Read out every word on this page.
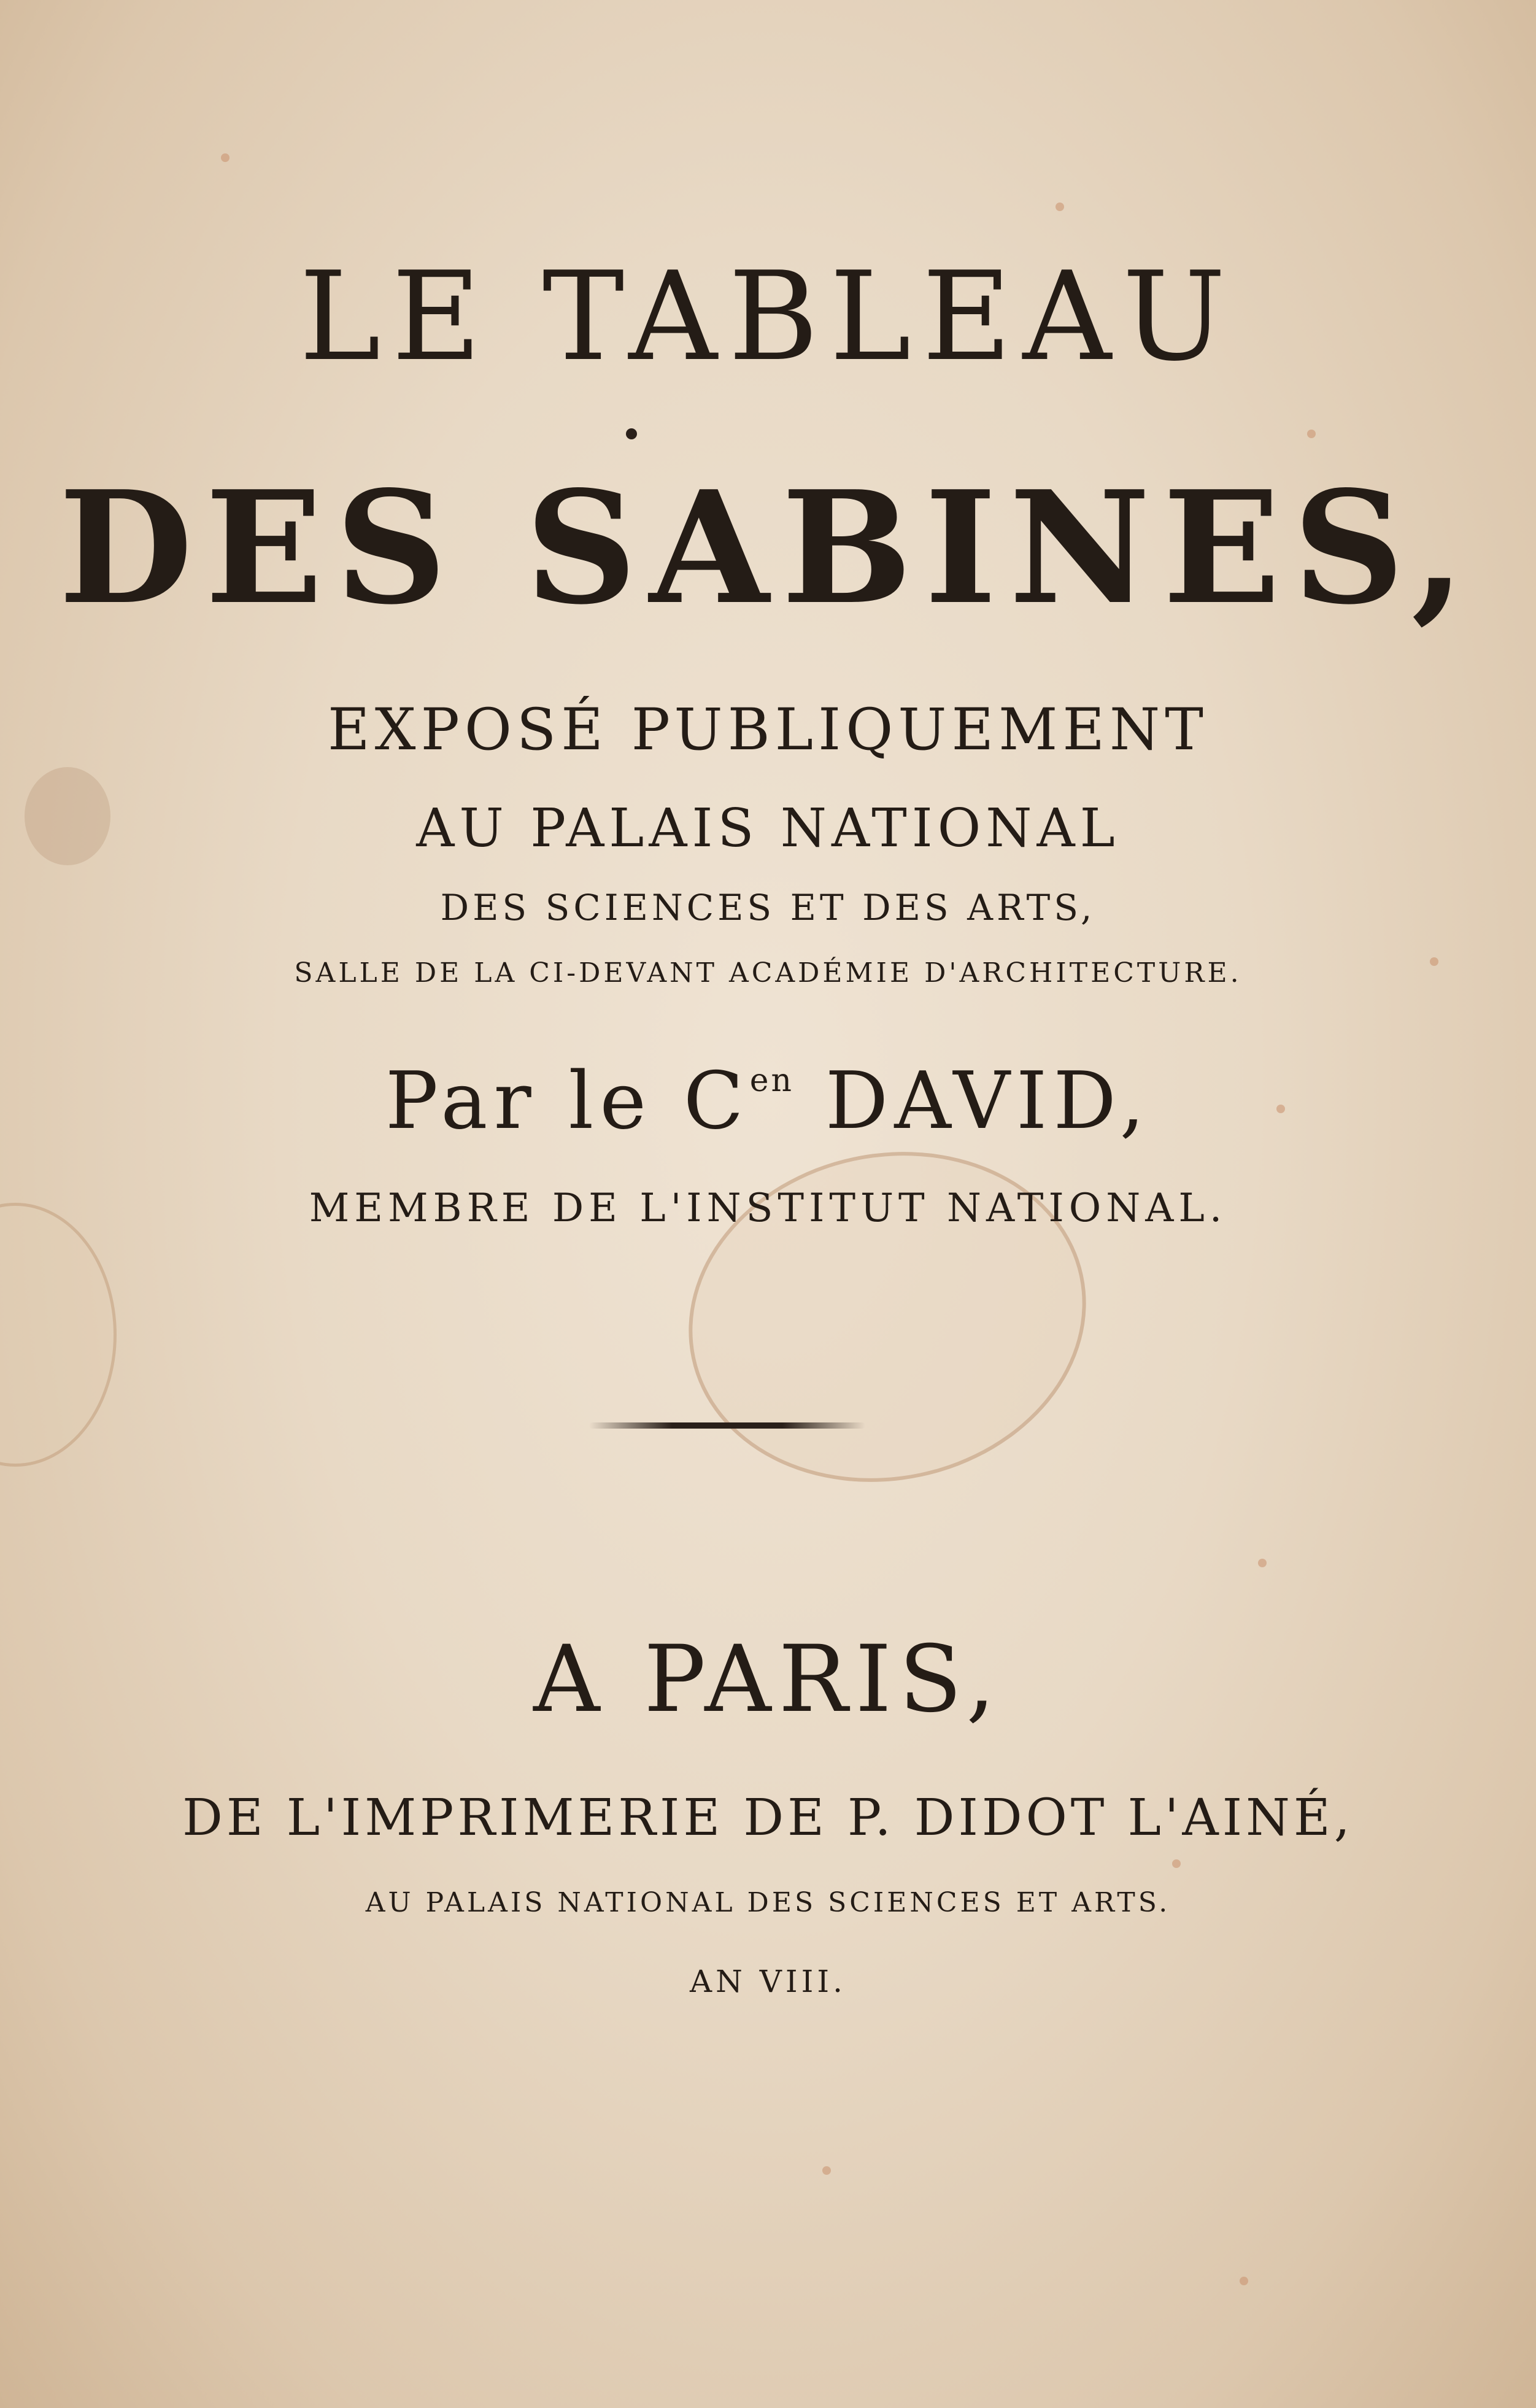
LE TABLEAU
DES SABINES,
EXPOSÉ PUBLIQUEMENT
AU PALAIS NATIONAL
DES SCIENCES ET DES ARTS,
SALLE DE LA CI-DEVANT ACADÉMIE D'ARCHITECTURE.
Par le $C^{en}$ DAVID,
MEMBRE DE L'INSTITUT NATIONAL.
A PARIS,
DE L'IMPRIMERIE DE P. DIDOT L'AINÉ,
AU PALAIS NATIONAL DES SCIENCES ET ARTS.
AN VIII.
